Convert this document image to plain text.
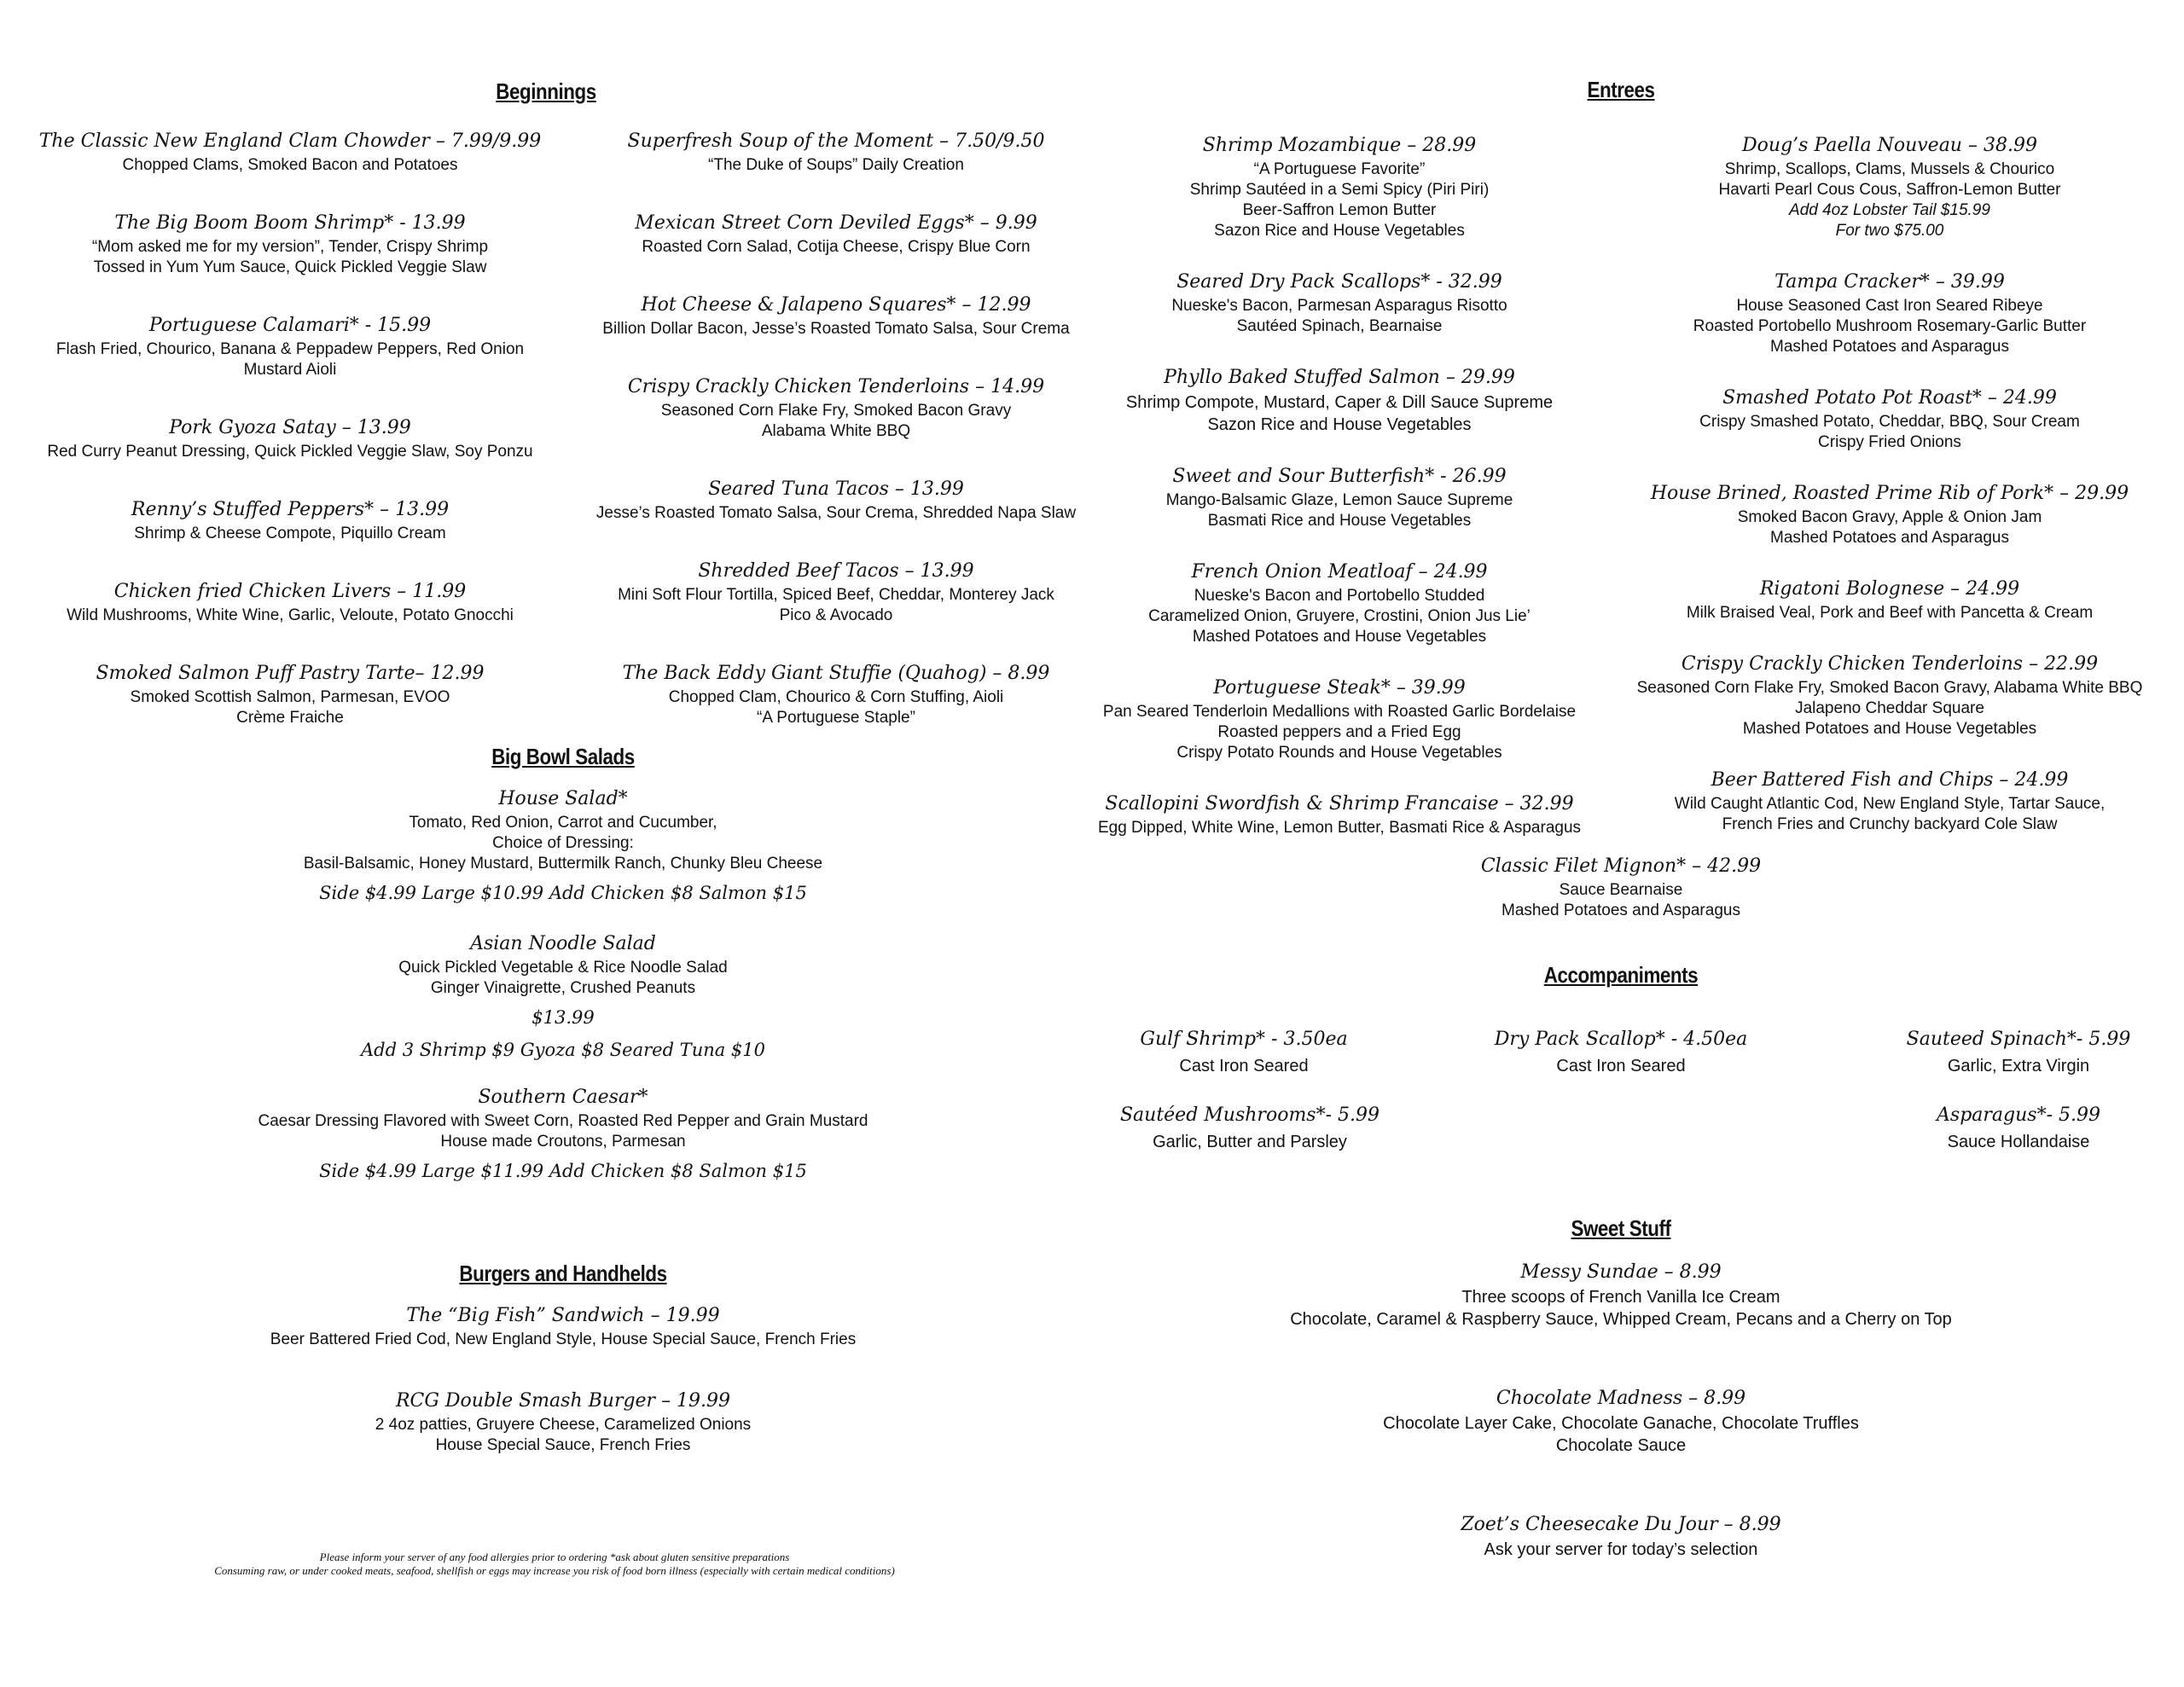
Beginnings
The Classic New England Clam Chowder – 7.99/9.99
Chopped Clams, Smoked Bacon and Potatoes
The Big Boom Boom Shrimp* - 13.99
“Mom asked me for my version”, Tender, Crispy Shrimp
Tossed in Yum Yum Sauce, Quick Pickled Veggie Slaw
Portuguese Calamari* - 15.99
Flash Fried, Chourico, Banana & Peppadew Peppers, Red Onion
Mustard Aioli
Pork Gyoza Satay – 13.99
Red Curry Peanut Dressing, Quick Pickled Veggie Slaw, Soy Ponzu
Renny’s Stuffed Peppers* – 13.99
Shrimp & Cheese Compote, Piquillo Cream
Chicken fried Chicken Livers – 11.99
Wild Mushrooms, White Wine, Garlic, Veloute, Potato Gnocchi
Smoked Salmon Puff Pastry Tarte– 12.99
Smoked Scottish Salmon, Parmesan, EVOO
Crème Fraiche
Superfresh Soup of the Moment – 7.50/9.50
“The Duke of Soups” Daily Creation
Mexican Street Corn Deviled Eggs* – 9.99
Roasted Corn Salad, Cotija Cheese, Crispy Blue Corn
Hot Cheese & Jalapeno Squares* – 12.99
Billion Dollar Bacon, Jesse’s Roasted Tomato Salsa, Sour Crema
Crispy Crackly Chicken Tenderloins – 14.99
Seasoned Corn Flake Fry, Smoked Bacon Gravy
Alabama White BBQ
Seared Tuna Tacos – 13.99
Jesse’s Roasted Tomato Salsa, Sour Crema, Shredded Napa Slaw
Shredded Beef Tacos – 13.99
Mini Soft Flour Tortilla, Spiced Beef, Cheddar, Monterey Jack
Pico & Avocado
The Back Eddy Giant Stuffie (Quahog) – 8.99
Chopped Clam, Chourico & Corn Stuffing, Aioli
“A Portuguese Staple”
Big Bowl Salads
House Salad*
Tomato, Red Onion, Carrot and Cucumber,
Choice of Dressing:
Basil-Balsamic, Honey Mustard, Buttermilk Ranch, Chunky Bleu Cheese
Side $4.99 Large $10.99 Add Chicken $8 Salmon $15
Asian Noodle Salad
Quick Pickled Vegetable & Rice Noodle Salad
Ginger Vinaigrette, Crushed Peanuts
$13.99
Add 3 Shrimp $9 Gyoza $8 Seared Tuna $10
Southern Caesar*
Caesar Dressing Flavored with Sweet Corn, Roasted Red Pepper and Grain Mustard
House made Croutons, Parmesan
Side $4.99 Large $11.99 Add Chicken $8 Salmon $15
Burgers and Handhelds
The “Big Fish” Sandwich – 19.99
Beer Battered Fried Cod, New England Style, House Special Sauce, French Fries
RCG Double Smash Burger – 19.99
2 4oz patties, Gruyere Cheese, Caramelized Onions
House Special Sauce, French Fries
Please inform your server of any food allergies prior to ordering *ask about gluten sensitive preparations
Consuming raw, or under cooked meats, seafood, shellfish or eggs may increase you risk of food born illness (especially with certain medical conditions)
Entrees
Shrimp Mozambique – 28.99
“A Portuguese Favorite”
Shrimp Sautéed in a Semi Spicy (Piri Piri)
Beer-Saffron Lemon Butter
Sazon Rice and House Vegetables
Seared Dry Pack Scallops* - 32.99
Nueske's Bacon, Parmesan Asparagus Risotto
Sautéed Spinach, Bearnaise
Phyllo Baked Stuffed Salmon – 29.99
Shrimp Compote, Mustard, Caper & Dill Sauce Supreme
Sazon Rice and House Vegetables
Sweet and Sour Butterfish* - 26.99
Mango-Balsamic Glaze, Lemon Sauce Supreme
Basmati Rice and House Vegetables
French Onion Meatloaf – 24.99
Nueske's Bacon and Portobello Studded
Caramelized Onion, Gruyere, Crostini, Onion Jus Lie’
Mashed Potatoes and House Vegetables
Portuguese Steak* – 39.99
Pan Seared Tenderloin Medallions with Roasted Garlic Bordelaise
Roasted peppers and a Fried Egg
Crispy Potato Rounds and House Vegetables
Scallopini Swordfish & Shrimp Francaise – 32.99
Egg Dipped, White Wine, Lemon Butter, Basmati Rice & Asparagus
Doug’s Paella Nouveau – 38.99
Shrimp, Scallops, Clams, Mussels & Chourico
Havarti Pearl Cous Cous, Saffron-Lemon Butter
Add 4oz Lobster Tail $15.99
For two $75.00
Tampa Cracker* – 39.99
House Seasoned Cast Iron Seared Ribeye
Roasted Portobello Mushroom Rosemary-Garlic Butter
Mashed Potatoes and Asparagus
Smashed Potato Pot Roast* – 24.99
Crispy Smashed Potato, Cheddar, BBQ, Sour Cream
Crispy Fried Onions
House Brined, Roasted Prime Rib of Pork* – 29.99
Smoked Bacon Gravy, Apple & Onion Jam
Mashed Potatoes and Asparagus
Rigatoni Bolognese – 24.99
Milk Braised Veal, Pork and Beef with Pancetta & Cream
Crispy Crackly Chicken Tenderloins – 22.99
Seasoned Corn Flake Fry, Smoked Bacon Gravy, Alabama White BBQ
Jalapeno Cheddar Square
Mashed Potatoes and House Vegetables
Beer Battered Fish and Chips – 24.99
Wild Caught Atlantic Cod, New England Style, Tartar Sauce,
French Fries and Crunchy backyard Cole Slaw
Classic Filet Mignon* – 42.99
Sauce Bearnaise
Mashed Potatoes and Asparagus
Accompaniments
Gulf Shrimp* - 3.50ea
Cast Iron Seared
Dry Pack Scallop* - 4.50ea
Cast Iron Seared
Sauteed Spinach*- 5.99
Garlic, Extra Virgin
Sautéed Mushrooms*- 5.99
Garlic, Butter and Parsley
Asparagus*- 5.99
Sauce Hollandaise
Sweet Stuff
Messy Sundae – 8.99
Three scoops of French Vanilla Ice Cream
Chocolate, Caramel & Raspberry Sauce, Whipped Cream, Pecans and a Cherry on Top
Chocolate Madness – 8.99
Chocolate Layer Cake, Chocolate Ganache, Chocolate Truffles
Chocolate Sauce
Zoet’s Cheesecake Du Jour – 8.99
Ask your server for today’s selection
